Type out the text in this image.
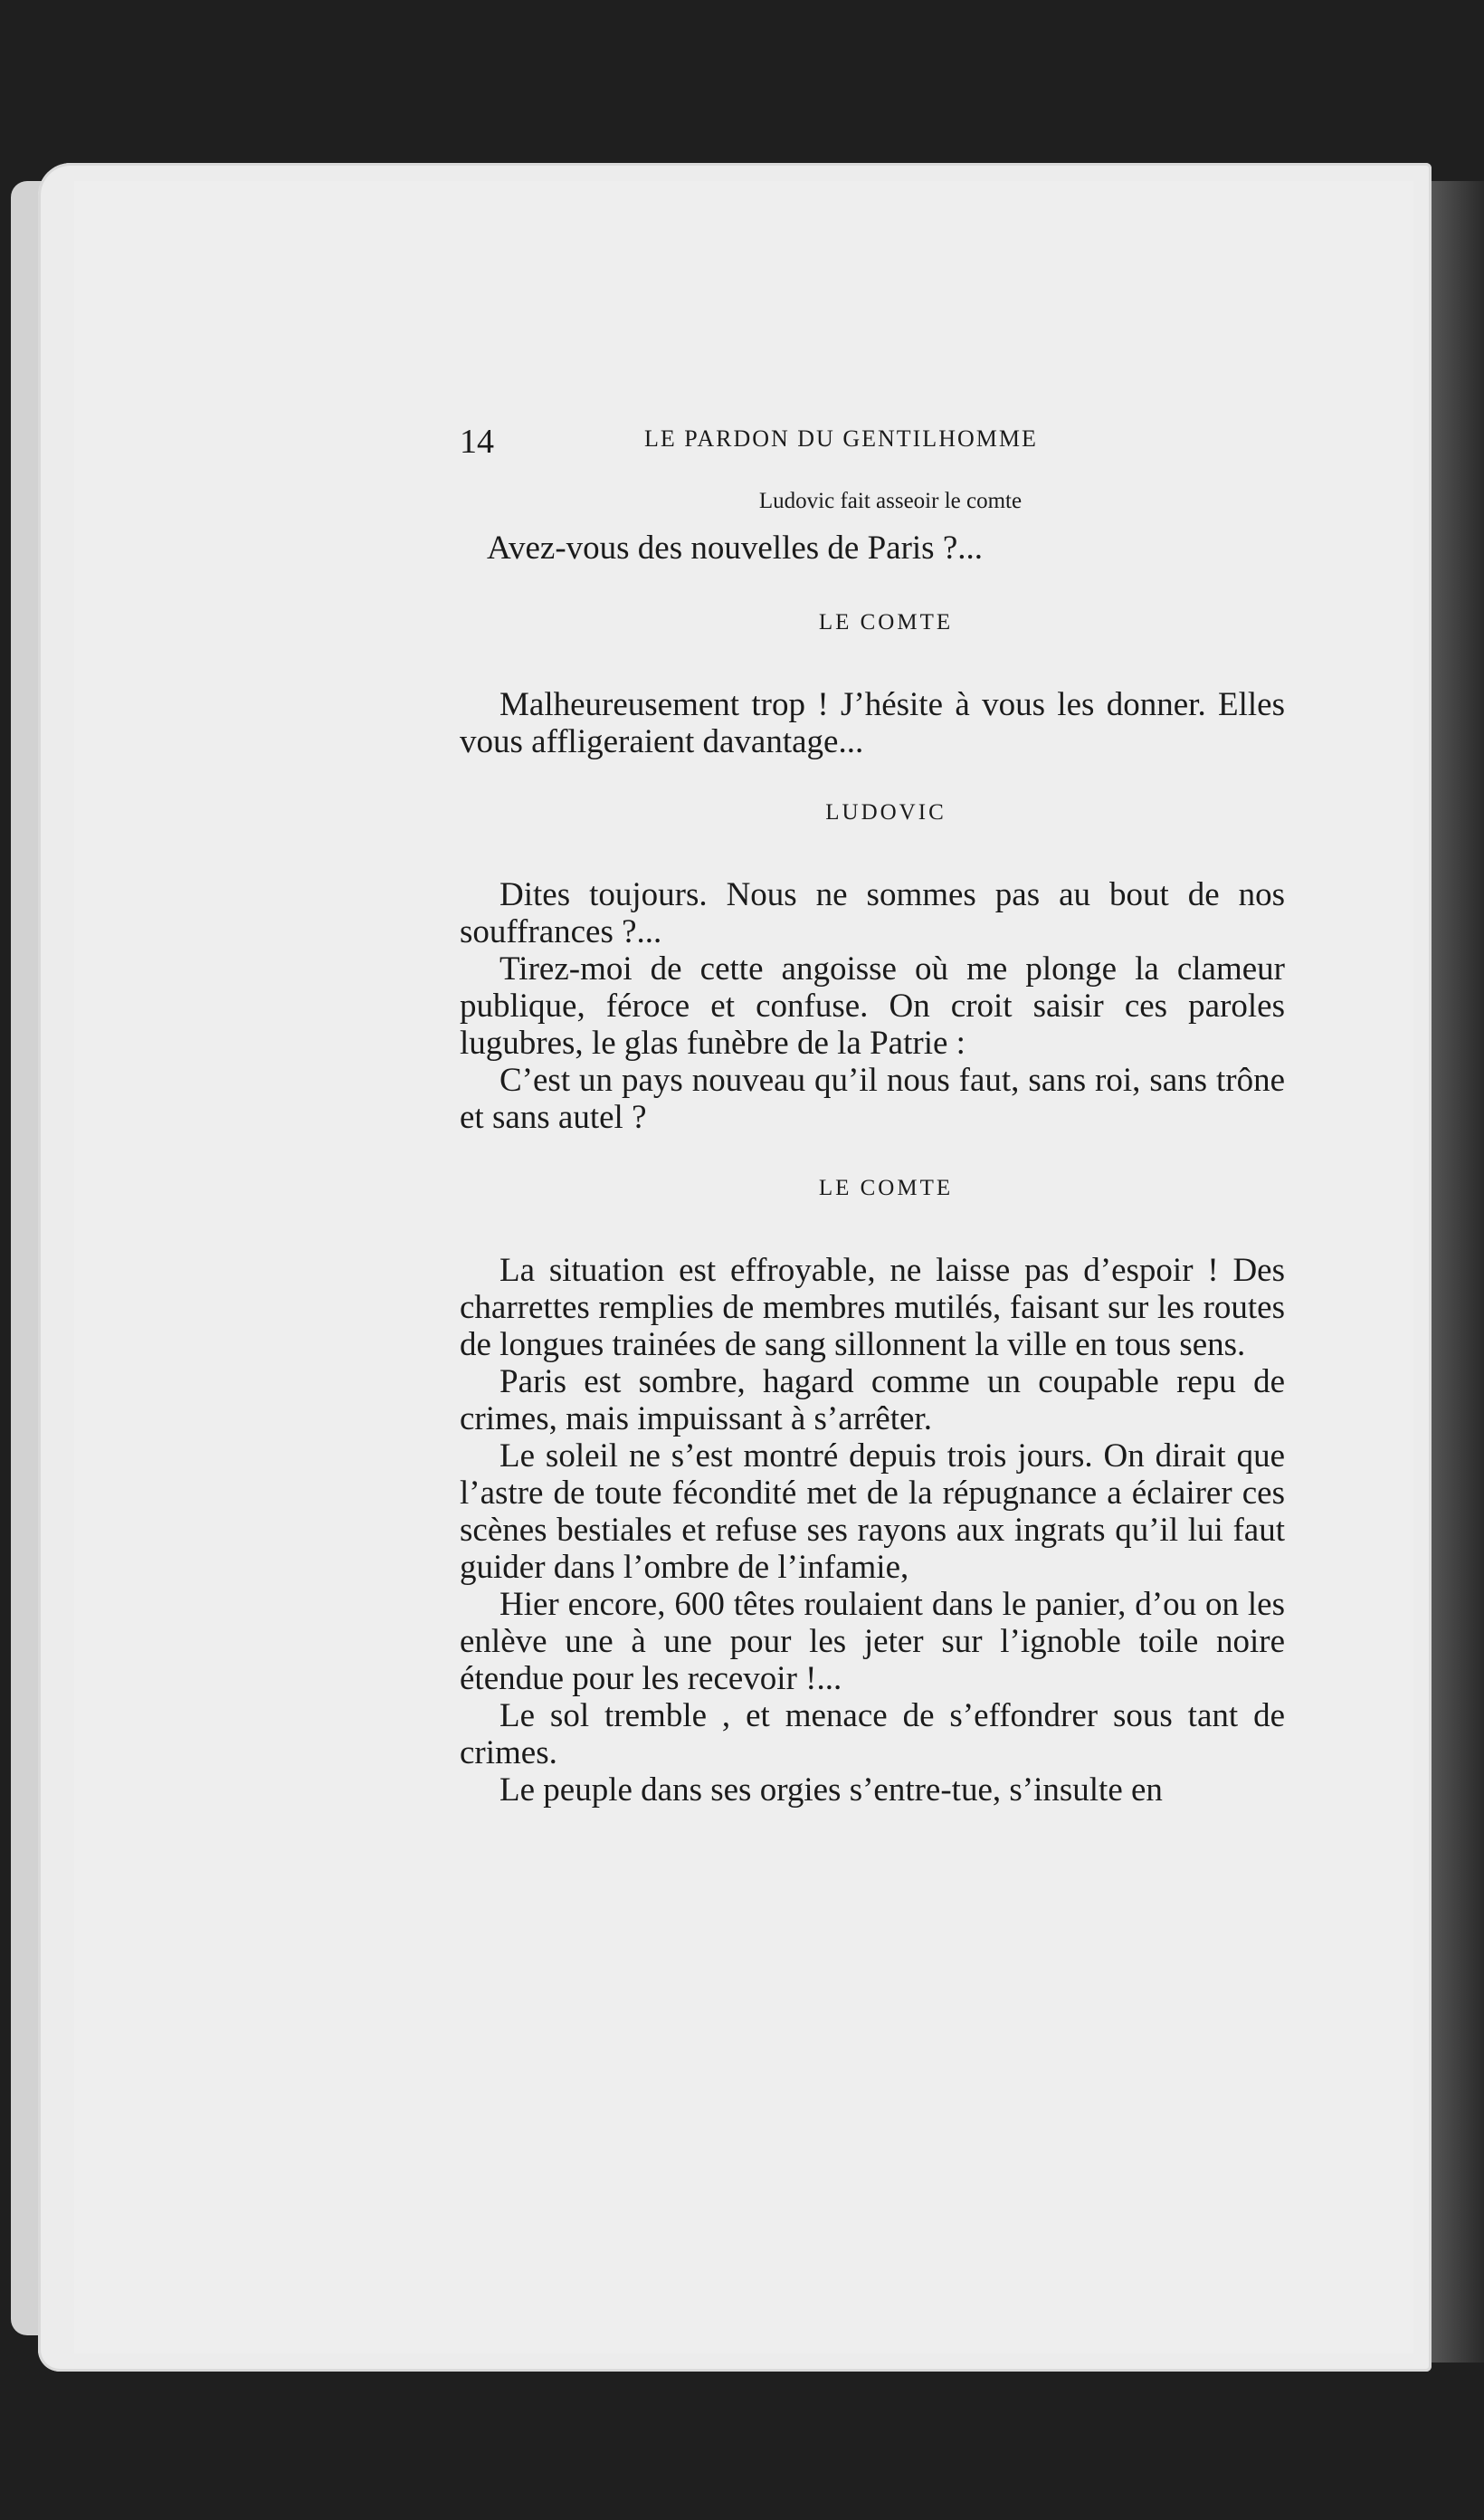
14	LE PARDON DU GENTILHOMME
Ludovic fait asseoir le comte

Avez-vous des nouvelles de Paris ?...

LE COMTE

Malheureusement trop ! J’hésite à vous les donner. Elles vous affligeraient davantage...

LUDOVIC

Dites toujours. Nous ne sommes pas au bout de nos souffrances ?...

Tirez-moi de cette angoisse où me plonge la clameur publique, féroce et confuse. On croit saisir ces paroles lugubres, le glas funèbre de la Patrie :

C’est un pays nouveau qu’il nous faut, sans roi, sans trône et sans autel ?

LE COMTE

La situation est effroyable, ne laisse pas d’espoir ! Des charrettes remplies de membres mutilés, faisant sur les routes de longues trainées de sang sillonnent la ville en tous sens.

Paris est sombre, hagard comme un coupable repu de crimes, mais impuissant à s’arrêter.

Le soleil ne s’est montré depuis trois jours. On dirait que l’astre de toute fécondité met de la répugnance a éclairer ces scènes bestiales et refuse ses rayons aux ingrats qu’il lui faut guider dans l’ombre de l’infamie,

Hier encore, 600 têtes roulaient dans le panier, d’ou on les enlève une à une pour les jeter sur l’ignoble toile noire étendue pour les recevoir !...

Le sol tremble , et menace de s’effondrer sous tant de crimes.

Le peuple dans ses orgies s’entre-tue, s’insulte en
